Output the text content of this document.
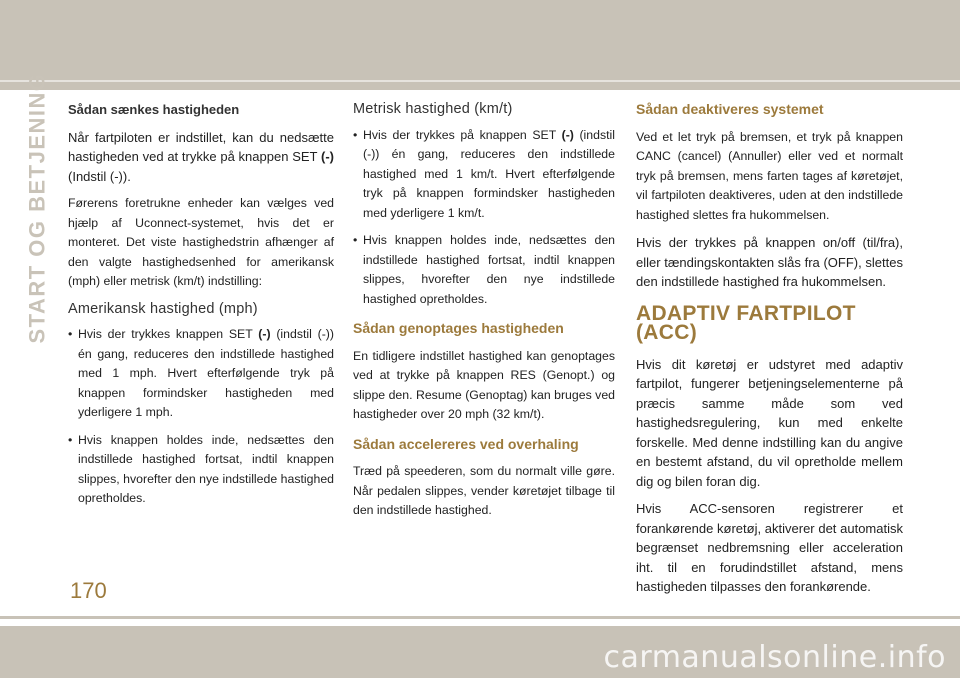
START OG BETJENING Sådan sænkes hastigheden

Når fartpiloten er indstillet, kan du nedsætte hastigheden ved at trykke på knappen SET (-) (Indstil (-)).

Førerens foretrukne enheder kan vælges ved hjælp af Uconnect-systemet, hvis det er monteret. Det viste hastighedstrin afhænger af den valgte hastighedsenhed for amerikansk (mph) eller metrisk (km/t) indstilling:

Amerikansk hastighed (mph)
• Hvis der trykkes knappen SET (-) (indstil (-)) én gang, reduceres den indstillede hastighed med 1 mph. Hvert efterfølgende tryk på knappen formindsker hastigheden med yderligere 1 mph.
• Hvis knappen holdes inde, nedsættes den indstillede hastighed fortsat, indtil knappen slippes, hvorefter den nye indstillede hastighed opretholdes.
Metrisk hastighed (km/t)
• Hvis der trykkes på knappen SET (-) (indstil (-)) én gang, reduceres den indstillede hastighed med 1 km/t. Hvert efterfølgende tryk på knappen formindsker hastigheden med yderligere 1 km/t.
• Hvis knappen holdes inde, nedsættes den indstillede hastighed fortsat, indtil knappen slippes, hvorefter den nye indstillede hastighed opretholdes.
Sådan genoptages hastigheden

En tidligere indstillet hastighed kan genoptages ved at trykke på knappen RES (Genopt.) og slippe den. Resume (Genoptag) kan bruges ved hastigheder over 20 mph (32 km/t).

Sådan accelereres ved overhaling

Træd på speederen, som du normalt ville gøre. Når pedalen slippes, vender køretøjet tilbage til den indstillede hastighed.

Sådan deaktiveres systemet

Ved et let tryk på bremsen, et tryk på knappen CANC (cancel) (Annuller) eller ved et normalt tryk på bremsen, mens farten tages af køretøjet, vil fartpiloten deaktiveres, uden at den indstillede hastighed slettes fra hukommelsen.

Hvis der trykkes på knappen on/off (til/fra), eller tændingskontakten slås fra (OFF), slettes den indstillede hastighed fra hukommelsen.

ADAPTIV FARTPILOT (ACC)

Hvis dit køretøj er udstyret med adaptiv fartpilot, fungerer betjeningselementerne på præcis samme måde som ved hastighedsregulering, kun med enkelte forskelle. Med denne indstilling kan du angive en bestemt afstand, du vil opretholde mellem dig og bilen foran dig.

Hvis ACC-sensoren registrerer et forankørende køretøj, aktiverer det automatisk begrænset nedbremsning eller acceleration iht. til en forudindstillet afstand, mens hastigheden tilpasses den forankørende.

170
carmanualsonline.info
